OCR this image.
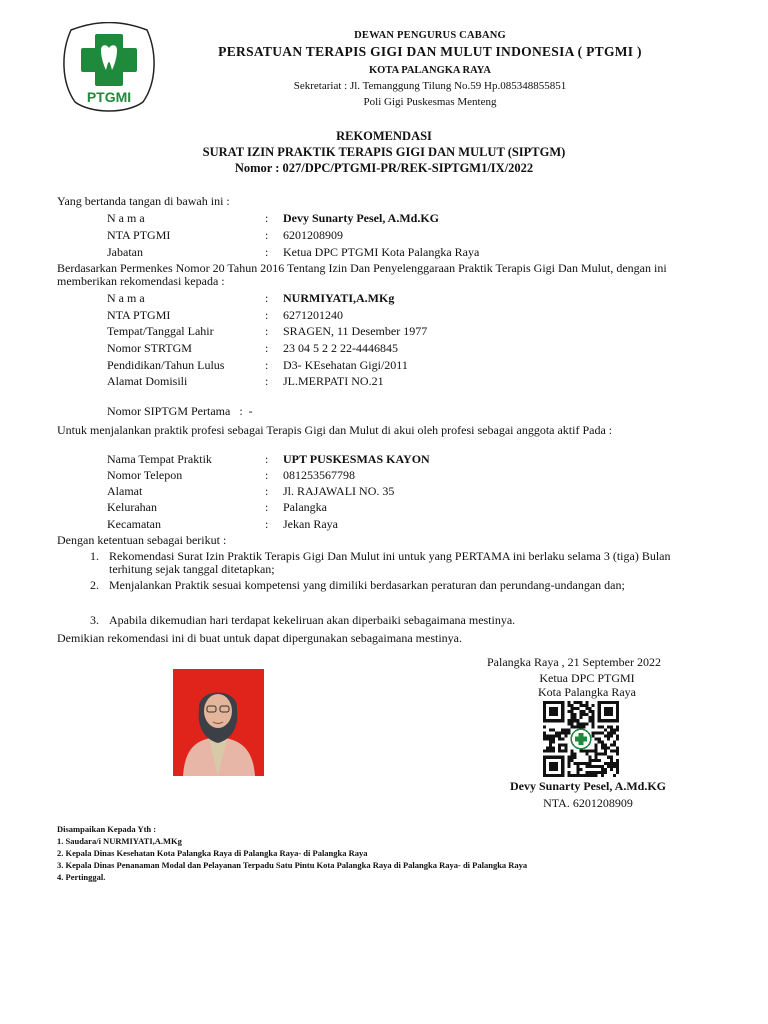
PTGMI
DEWAN PENGURUS CABANG
PERSATUAN TERAPIS GIGI DAN MULUT INDONESIA ( PTGMI )
KOTA PALANGKA RAYA
Sekretariat : Jl. Temanggung Tilung No.59 Hp.085348855851
Poli Gigi Puskesmas Menteng
REKOMENDASI
SURAT IZIN PRAKTIK TERAPIS GIGI DAN MULUT (SIPTGM)
Nomor : 027/DPC/PTGMI-PR/REK-SIPTGM1/IX/2022
Yang bertanda tangan di bawah ini :
N a m a	: Devy Sunarty Pesel, A.Md.KG
NTA PTGMI	: 6201208909
Jabatan	: Ketua DPC PTGMI Kota Palangka Raya
Berdasarkan Permenkes Nomor 20 Tahun 2016 Tentang Izin Dan Penyelenggaraan Praktik Terapis Gigi Dan Mulut, dengan ini memberikan rekomendasi kepada :
N a m a	: NURMIYATI,A.MKg
NTA PTGMI	: 6271201240
Tempat/Tanggal Lahir	: SRAGEN, 11 Desember 1977
Nomor STRTGM	: 23 04 5 2 2 22-4446845
Pendidikan/Tahun Lulus	: D3- KEsehatan Gigi/2011
Alamat Domisili	: JL.MERPATI NO.21
Nomor SIPTGM Pertama   :  -
Untuk menjalankan praktik profesi sebagai Terapis Gigi dan Mulut di akui oleh profesi sebagai anggota aktif Pada :
Nama Tempat Praktik	: UPT PUSKESMAS KAYON
Nomor Telepon	: 081253567798
Alamat	: Jl. RAJAWALI NO. 35
Kelurahan	: Palangka
Kecamatan	: Jekan Raya
Dengan ketentuan sebagai berikut :
1. Rekomendasi Surat Izin Praktik Terapis Gigi Dan Mulut ini untuk yang PERTAMA ini berlaku selama 3 (tiga) Bulan terhitung sejak tanggal ditetapkan;
2. Menjalankan Praktik sesuai kompetensi yang dimiliki berdasarkan peraturan dan perundang-undangan dan;
3. Apabila dikemudian hari terdapat kekeliruan akan diperbaiki sebagaimana mestinya.
Demikian rekomendasi ini di buat untuk dapat dipergunakan sebagaimana mestinya.
Palangka Raya , 21 September 2022
Ketua DPC PTGMI
Kota Palangka Raya
Devy Sunarty Pesel, A.Md.KG
NTA. 6201208909
Disampaikan Kepada Yth :
1. Saudara/i NURMIYATI,A.MKg
2. Kepala Dinas Kesehatan Kota Palangka Raya di Palangka Raya- di Palangka Raya
3. Kepala Dinas Penanaman Modal dan Pelayanan Terpadu Satu Pintu Kota Palangka Raya di Palangka Raya- di Palangka Raya
4. Pertinggal.
